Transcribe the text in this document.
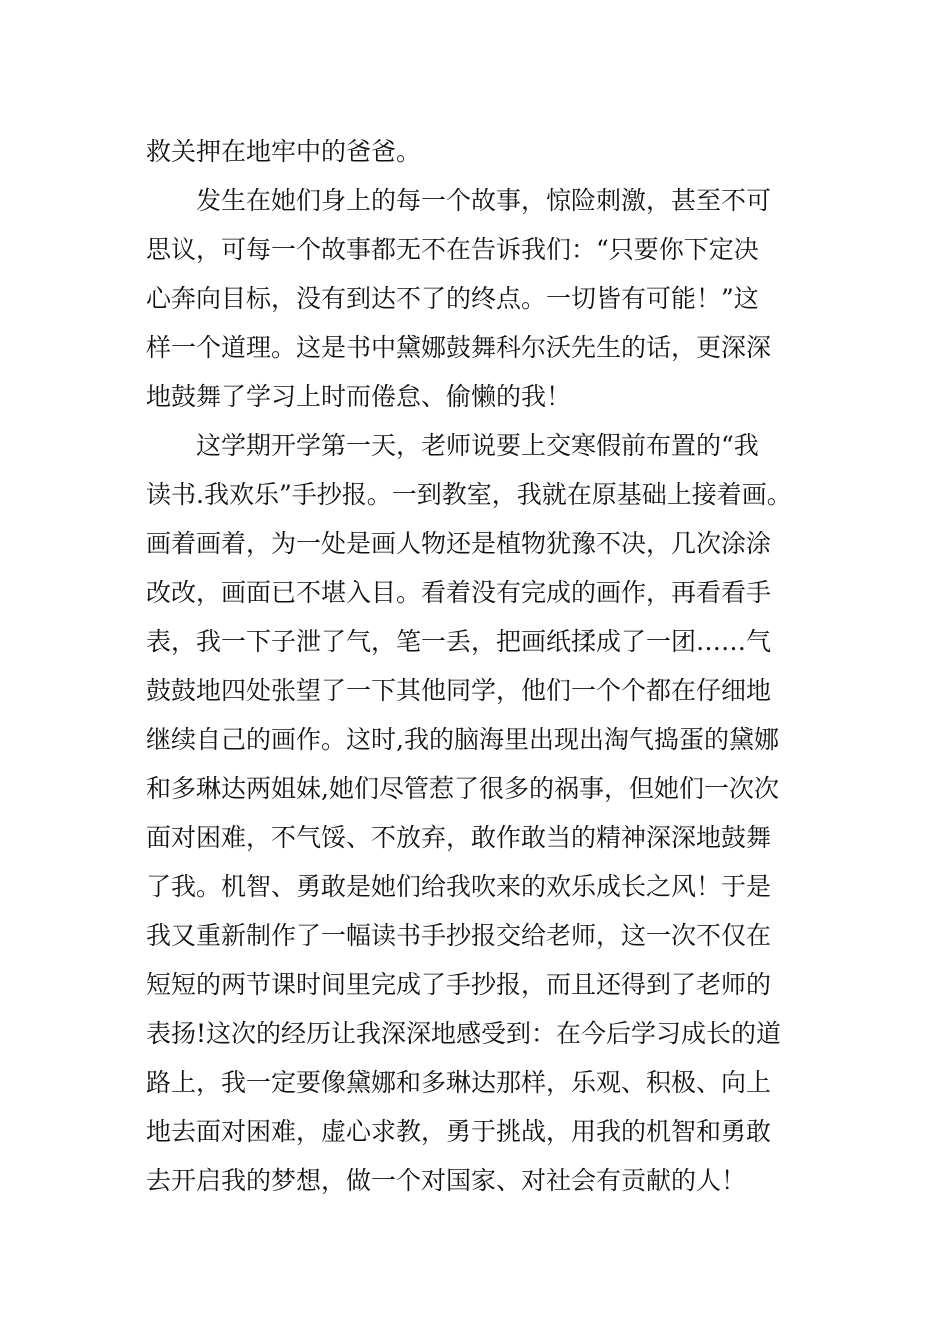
救关押在地牢中的爸爸。
发生在她们身上的每一个故事，惊险刺激，甚至不可
思议，可每一个故事都无不在告诉我们：“只要你下定决
心奔向目标，没有到达不了的终点。一切皆有可能！”这
样一个道理。这是书中黛娜鼓舞科尔沃先生的话，更深深
地鼓舞了学习上时而倦怠、偷懒的我！
这学期开学第一天，老师说要上交寒假前布置的“我
读书.我欢乐”手抄报。一到教室，我就在原基础上接着画。
画着画着，为一处是画人物还是植物犹豫不决，几次涂涂
改改，画面已不堪入目。看着没有完成的画作，再看看手
表，我一下子泄了气，笔一丢，把画纸揉成了一团……气
鼓鼓地四处张望了一下其他同学，他们一个个都在仔细地
继续自己的画作。这时,我的脑海里出现出淘气捣蛋的黛娜
和多琳达两姐妹,她们尽管惹了很多的祸事，但她们一次次
面对困难，不气馁、不放弃，敢作敢当的精神深深地鼓舞
了我。机智、勇敢是她们给我吹来的欢乐成长之风！于是
我又重新制作了一幅读书手抄报交给老师，这一次不仅在
短短的两节课时间里完成了手抄报，而且还得到了老师的
表扬!这次的经历让我深深地感受到：在今后学习成长的道
路上，我一定要像黛娜和多琳达那样，乐观、积极、向上
地去面对困难，虚心求教，勇于挑战，用我的机智和勇敢
去开启我的梦想，做一个对国家、对社会有贡献的人！
